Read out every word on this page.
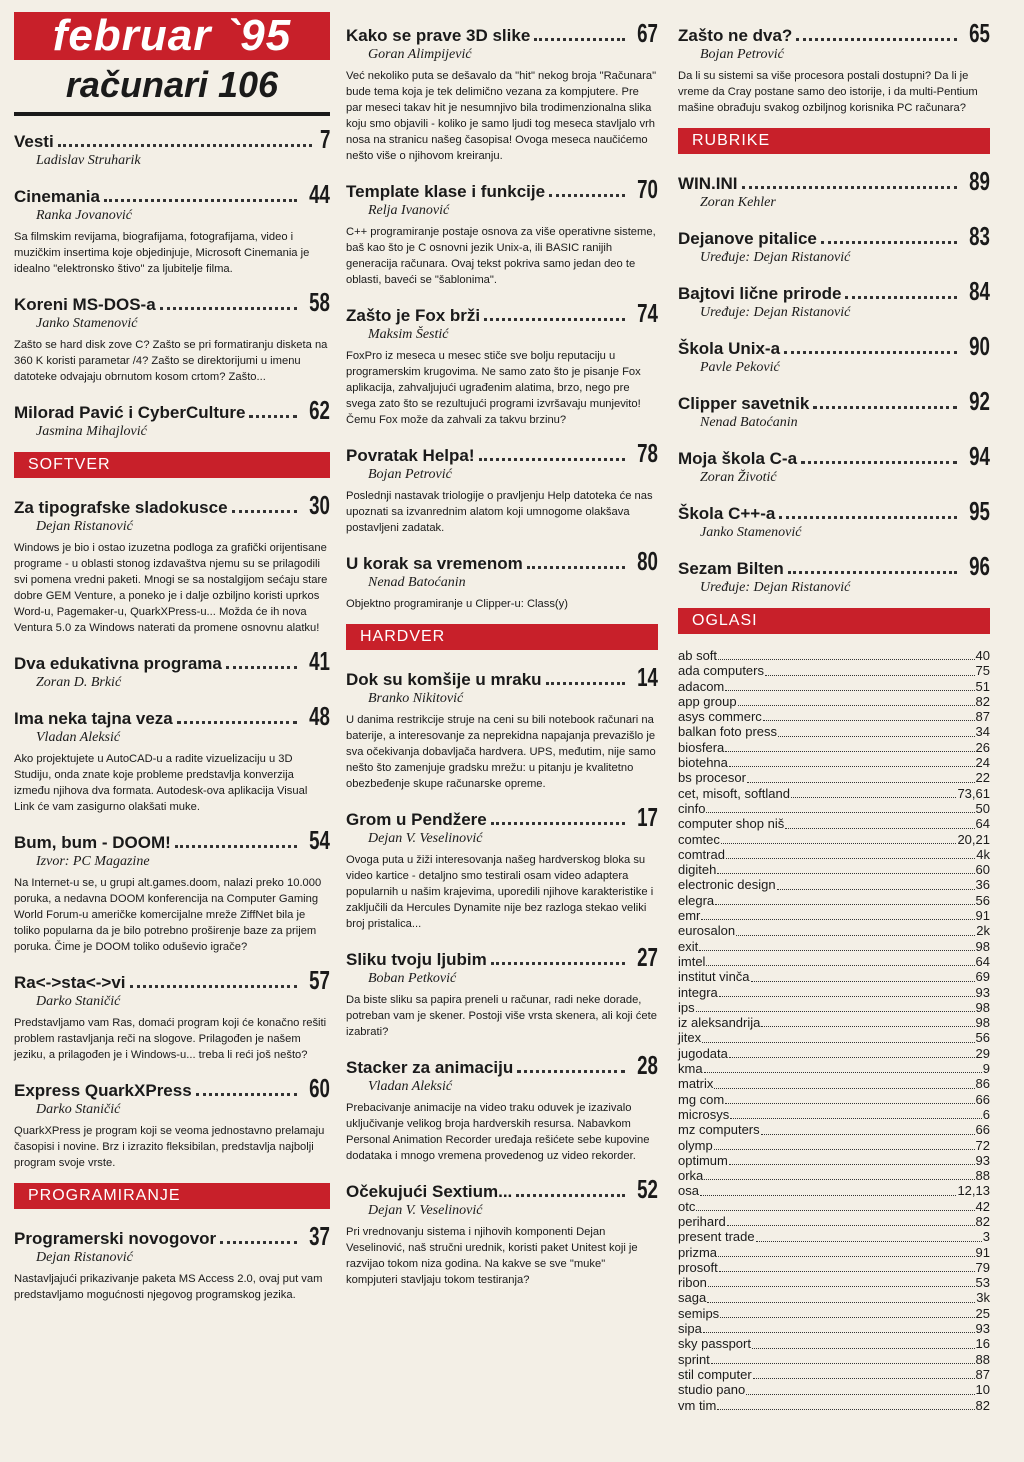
februar `95
računari 106
Vesti	7
Ladislav Struharik
Cinemania	44
Ranka Jovanović
Sa filmskim revijama, biografijama, fotografijama, video i muzičkim insertima koje objedinjuje, Microsoft Cinemania je idealno "elektronsko štivo" za ljubitelje filma.
Koreni MS-DOS-a	58
Janko Stamenović
Zašto se hard disk zove C? Zašto se pri formatiranju disketa na 360 K koristi parametar /4? Zašto se direktorijumi u imenu datoteke odvajaju obrnutom kosom crtom? Zašto...
Milorad Pavić i CyberCulture 62
Jasmina Mihajlović
SOFTVER
Za tipografske sladokusce	30
Dejan Ristanović
Windows je bio i ostao izuzetna podloga za grafički orijentisane programe - u oblasti stonog izdavaštva njemu su se prilagodili svi pomena vredni paketi. Mnogi se sa nostalgijom sećaju stare dobre GEM Venture, a poneko je i dalje ozbiljno koristi uprkos Word-u, Pagemaker-u, QuarkXPress-u... Možda će ih nova Ventura 5.0 za Windows naterati da promene osnovnu alatku!
Dva edukativna programa	41
Zoran D. Brkić
Ima neka tajna veza	48
Vladan Aleksić
Ako projektujete u AutoCAD-u a radite vizuelizaciju u 3D Studiju, onda znate koje probleme predstavlja konverzija između njihova dva formata. Autodesk-ova aplikacija Visual Link će vam zasigurno olakšati muke.
Bum, bum - DOOM!	54
Izvor: PC Magazine
Na Internet-u se, u grupi alt.games.doom, nalazi preko 10.000 poruka, a nedavna DOOM konferencija na Computer Gaming World Forum-u američke komercijalne mreže ZiffNet bila je toliko popularna da je bilo potrebno proširenje baze za prijem poruka. Čime je DOOM toliko oduševio igrače?
Ra<->sta<->vi	57
Darko Staničić
Predstavljamo vam Ras, domaći program koji će konačno rešiti problem rastavljanja reči na slogove. Prilagođen je našem jeziku, a prilagođen je i Windows-u... treba li reći još nešto?
Express QuarkXPress	60
Darko Staničić
QuarkXPress je program koji se veoma jednostavno prelamaju časopisi i novine. Brz i izrazito fleksibilan, predstavlja najbolji program svoje vrste.
PROGRAMIRANJE
Programerski novogovor	37
Dejan Ristanović
Nastavljajući prikazivanje paketa MS Access 2.0, ovaj put vam predstavljamo mogućnosti njegovog programskog jezika.
Kako se prave 3D slike	67
Goran Alimpijević
Već nekoliko puta se dešavalo da "hit" nekog broja "Računara" bude tema koja je tek delimično vezana za kompjutere. Pre par meseci takav hit je nesumnjivo bila trodimenzionalna slika koju smo objavili - koliko je samo ljudi tog meseca stavljalo vrh nosa na stranicu našeg časopisa! Ovoga meseca naučićemo nešto više o njihovom kreiranju.
Template klase i funkcije	70
Relja Ivanović
C++ programiranje postaje osnova za više operativne sisteme, baš kao što je C osnovni jezik Unix-a, ili BASIC ranijih generacija računara. Ovaj tekst pokriva samo jedan deo te oblasti, baveći se "šablonima".
Zašto je Fox brži	74
Maksim Šestić
FoxPro iz meseca u mesec stiče sve bolju reputaciju u programerskim krugovima. Ne samo zato što je pisanje Fox aplikacija, zahvaljujući ugrađenim alatima, brzo, nego pre svega zato što se rezultujući programi izvršavaju munjevito! Čemu Fox može da zahvali za takvu brzinu?
Povratak Helpa!	78
Bojan Petrović
Poslednji nastavak triologije o pravljenju Help datoteka će nas upoznati sa izvanrednim alatom koji umnogome olakšava postavljeni zadatak.
U korak sa vremenom	80
Nenad Batoćanin
Objektno programiranje u Clipper-u: Class(y)
HARDVER
Dok su komšije u mraku	14
Branko Nikitović
U danima restrikcije struje na ceni su bili notebook računari na baterije, a interesovanje za neprekidna napajanja prevazišlo je sva očekivanja dobavljača hardvera. UPS, međutim, nije samo nešto što zamenjuje gradsku mrežu: u pitanju je kvalitetno obezbeđenje skupe računarske opreme.
Grom u Pendžere	17
Dejan V. Veselinović
Ovoga puta u žiži interesovanja našeg hardverskog bloka su video kartice - detaljno smo testirali osam video adaptera popularnih u našim krajevima, uporedili njihove karakteristike i zaključili da Hercules Dynamite nije bez razloga stekao veliki broj pristalica...
Sliku tvoju ljubim	27
Boban Petković
Da biste sliku sa papira preneli u računar, radi neke dorade, potreban vam je skener. Postoji više vrsta skenera, ali koji ćete izabrati?
Stacker za animaciju	28
Vladan Aleksić
Prebacivanje animacije na video traku oduvek je izazivalo uključivanje velikog broja hardverskih resursa. Nabavkom Personal Animation Recorder uređaja rešićete sebe kupovine dodataka i mnogo vremena provedenog uz video rekorder.
Očekujući Sextium...	52
Dejan V. Veselinović
Pri vrednovanju sistema i njihovih komponenti Dejan Veselinović, naš stručni urednik, koristi paket Unitest koji je razvijao tokom niza godina. Na kakve se sve "muke" kompjuteri stavljaju tokom testiranja?
Zašto ne dva?	65
Bojan Petrović
Da li su sistemi sa više procesora postali dostupni? Da li je vreme da Cray postane samo deo istorije, i da multi-Pentium mašine obrađuju svakog ozbiljnog korisnika PC računara?
RUBRIKE
WIN.INI	89
Zoran Kehler
Dejanove pitalice	83
Uređuje: Dejan Ristanović
Bajtovi lične prirode	84
Uređuje: Dejan Ristanović
Škola Unix-a	90
Pavle Peković
Clipper savetnik	92
Nenad Batoćanin
Moja škola C-a	94
Zoran Životić
Škola C++-a	95
Janko Stamenović
Sezam Bilten	96
Uređuje: Dejan Ristanović
OGLASI
ab soft	40
ada computers	75
adacom	51
app group	82
asys commerc	87
balkan foto press	34
biosfera	26
biotehna	24
bs procesor	22
cet, misoft, softland	73,61
cinfo	50
computer shop niš	64
comtec	20,21
comtrad	4k
digiteh	60
electronic design	36
elegra	56
emr	91
eurosalon	2k
exit	98
imtel	64
institut vinča	69
integra	93
ips	98
iz aleksandrija	98
jitex	56
jugodata	29
kma	9
matrix	86
mg com	66
microsys	6
mz computers	66
olymp	72
optimum	93
orka	88
osa	12,13
otc	42
perihard	82
present trade	3
prizma	91
prosoft	79
ribon	53
saga	3k
semips	25
sipa	93
sky passport	16
sprint	88
stil computer	87
studio pano	10
vm tim	82
